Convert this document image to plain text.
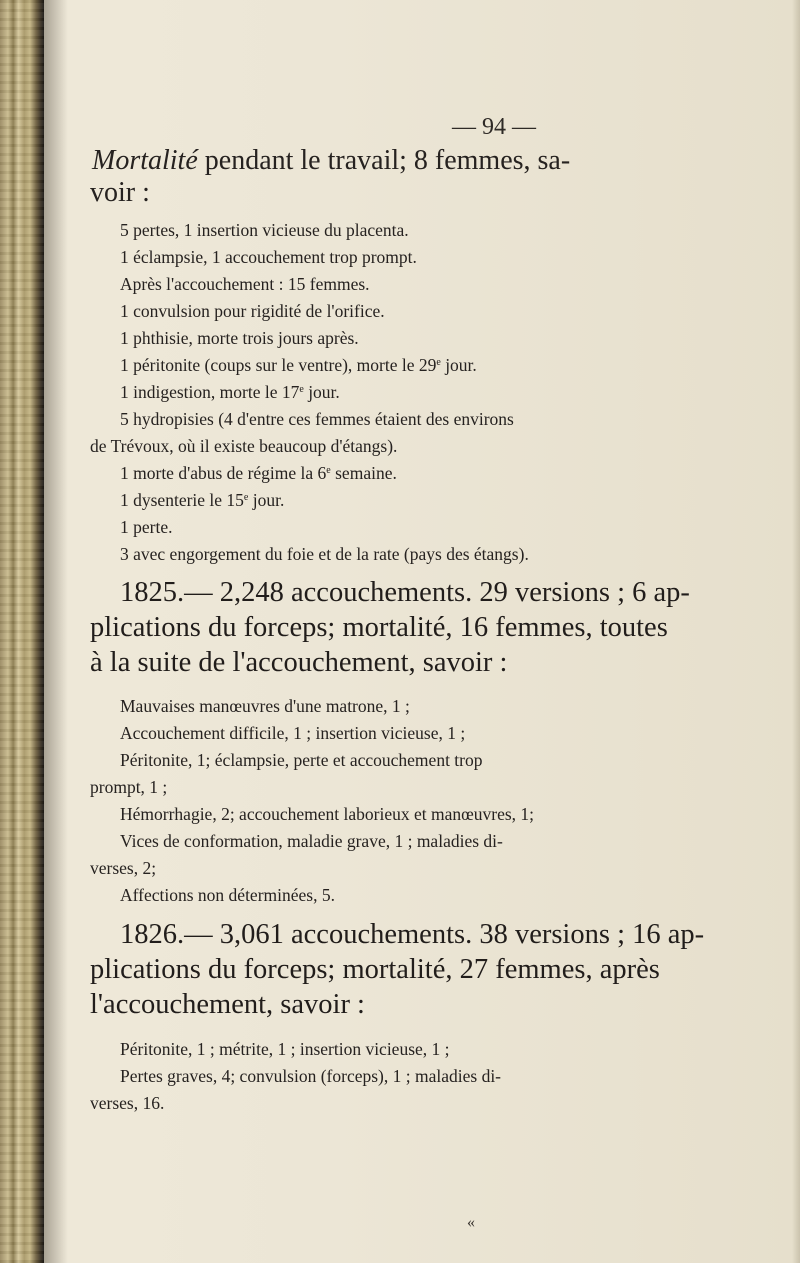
— 94 —
Mortalité pendant le travail; 8 femmes, sa-
voir :
5 pertes, 1 insertion vicieuse du placenta.
1 éclampsie, 1 accouchement trop prompt.
Après l'accouchement : 15 femmes.
1 convulsion pour rigidité de l'orifice.
1 phthisie, morte trois jours après.
1 péritonite (coups sur le ventre), morte le 29e jour.
1 indigestion, morte le 17e jour.
5 hydropisies (4 d'entre ces femmes étaient des environs
de Trévoux, où il existe beaucoup d'étangs).
1 morte d'abus de régime la 6e semaine.
1 dysenterie le 15e jour.
1 perte.
3 avec engorgement du foie et de la rate (pays des étangs).
1825.— 2,248 accouchements. 29 versions ; 6 ap-
plications du forceps; mortalité, 16 femmes, toutes
à la suite de l'accouchement, savoir :
Mauvaises manœuvres d'une matrone, 1 ;
Accouchement difficile, 1 ; insertion vicieuse, 1 ;
Péritonite, 1; éclampsie, perte et accouchement trop
prompt, 1 ;
Hémorrhagie, 2; accouchement laborieux et manœuvres, 1;
Vices de conformation, maladie grave, 1 ; maladies di-
verses, 2;
Affections non déterminées, 5.
1826.— 3,061 accouchements. 38 versions ; 16 ap-
plications du forceps; mortalité, 27 femmes, après
l'accouchement, savoir :
Péritonite, 1 ; métrite, 1 ; insertion vicieuse, 1 ;
Pertes graves, 4; convulsion (forceps), 1 ; maladies di-
verses, 16.
«
